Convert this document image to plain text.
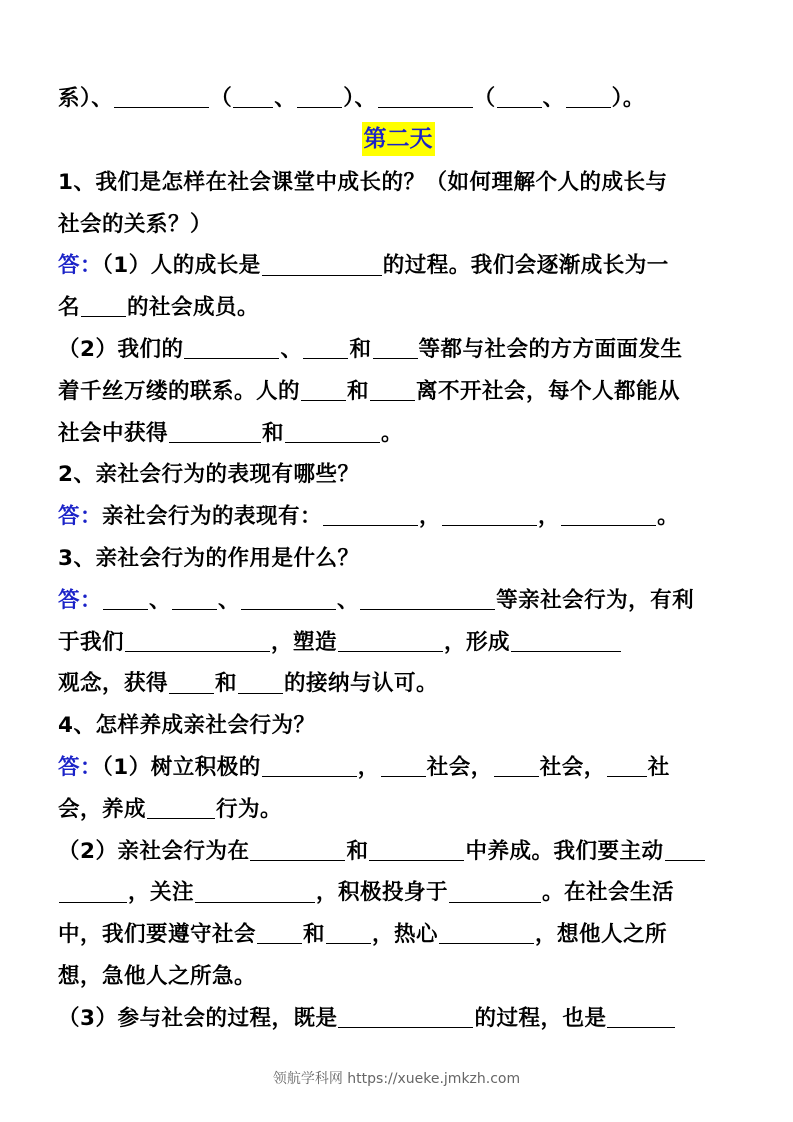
系）、	（ 、 ）、	（ 、 ）。
第二天
1、我们是怎样在社会课堂中成长的？（如何理解个人的成长与
社会的关系？）
答：（1）人的成长是	的过程。我们会逐渐成长为一
名 的社会成员。
（2）我们的	、 和 等都与社会的方方面面发生
着千丝万缕的联系。人的 和 离不开社会，每个人都能从
社会中获得	和	。
2、亲社会行为的表现有哪些？
答：亲社会行为的表现有：	，	，	。
3、亲社会行为的作用是什么？
答： 、 、	、	等亲社会行为，有利
于我们	，塑造	，形成
观念，获得 和 的接纳与认可。
4、怎样养成亲社会行为？
答：（1）树立积极的	， 社会， 社会， 社
会，养成	行为。
（2）亲社会行为在	和	中养成。我们要主动
，关注	，积极投身于	。在社会生活
中，我们要遵守社会 和 ，热心	，想他人之所
想，急他人之所急。
（3）参与社会的过程，既是	的过程，也是
领航学科网 https://xueke.jmkzh.com
